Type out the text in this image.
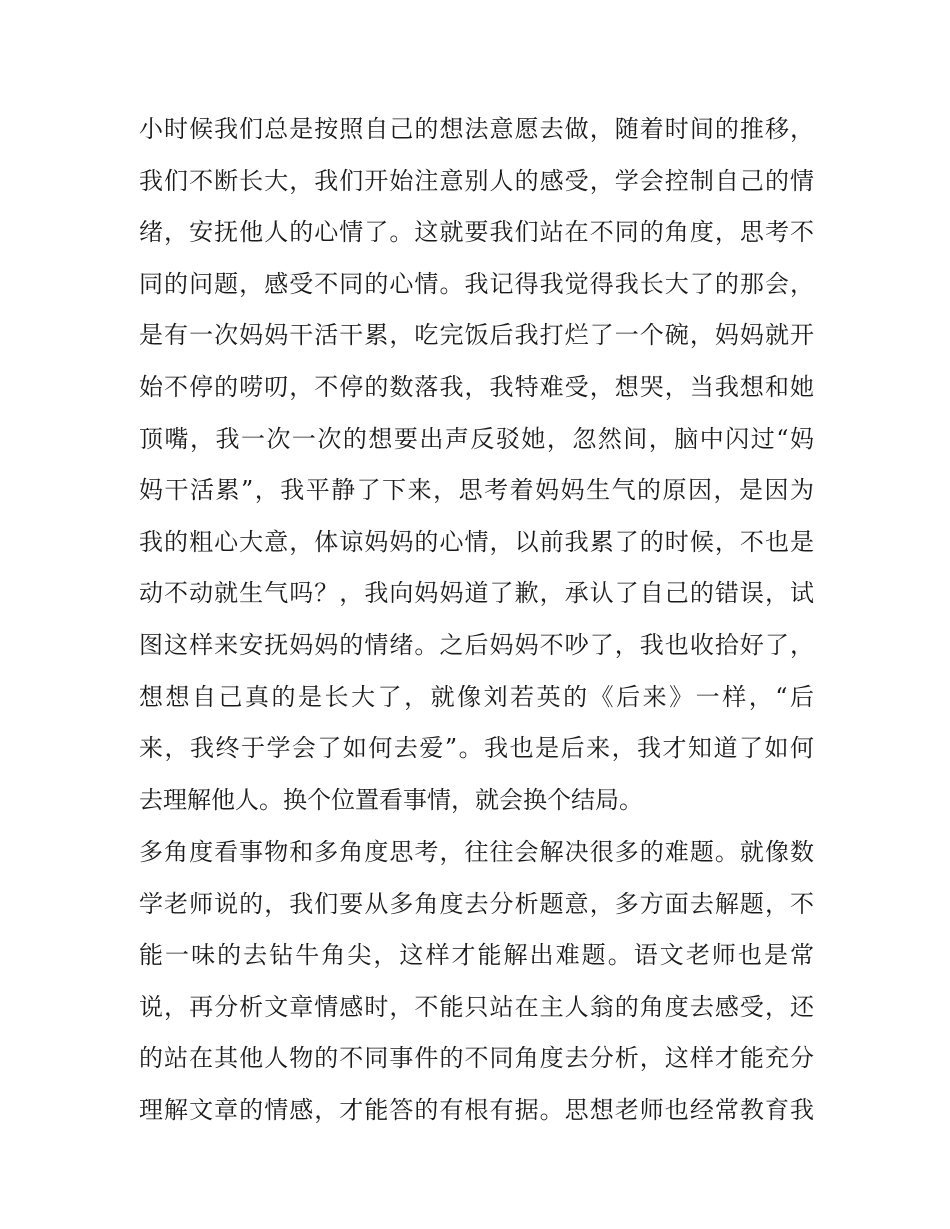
小时候我们总是按照自己的想法意愿去做，随着时间的推移，
我们不断长大，我们开始注意别人的感受，学会控制自己的情
绪，安抚他人的心情了。这就要我们站在不同的角度，思考不
同的问题，感受不同的心情。我记得我觉得我长大了的那会，
是有一次妈妈干活干累，吃完饭后我打烂了一个碗，妈妈就开
始不停的唠叨，不停的数落我，我特难受，想哭，当我想和她
顶嘴，我一次一次的想要出声反驳她，忽然间，脑中闪过“妈
妈干活累”，我平静了下来，思考着妈妈生气的原因，是因为
我的粗心大意，体谅妈妈的心情，以前我累了的时候，不也是
动不动就生气吗？，我向妈妈道了歉，承认了自己的错误，试
图这样来安抚妈妈的情绪。之后妈妈不吵了，我也收拾好了，
想想自己真的是长大了，就像刘若英的《后来》一样，“后
来，我终于学会了如何去爱”。我也是后来，我才知道了如何
去理解他人。换个位置看事情，就会换个结局。
多角度看事物和多角度思考，往往会解决很多的难题。就像数
学老师说的，我们要从多角度去分析题意，多方面去解题，不
能一味的去钻牛角尖，这样才能解出难题。语文老师也是常
说，再分析文章情感时，不能只站在主人翁的角度去感受，还
的站在其他人物的不同事件的不同角度去分析，这样才能充分
理解文章的情感，才能答的有根有据。思想老师也经常教育我
